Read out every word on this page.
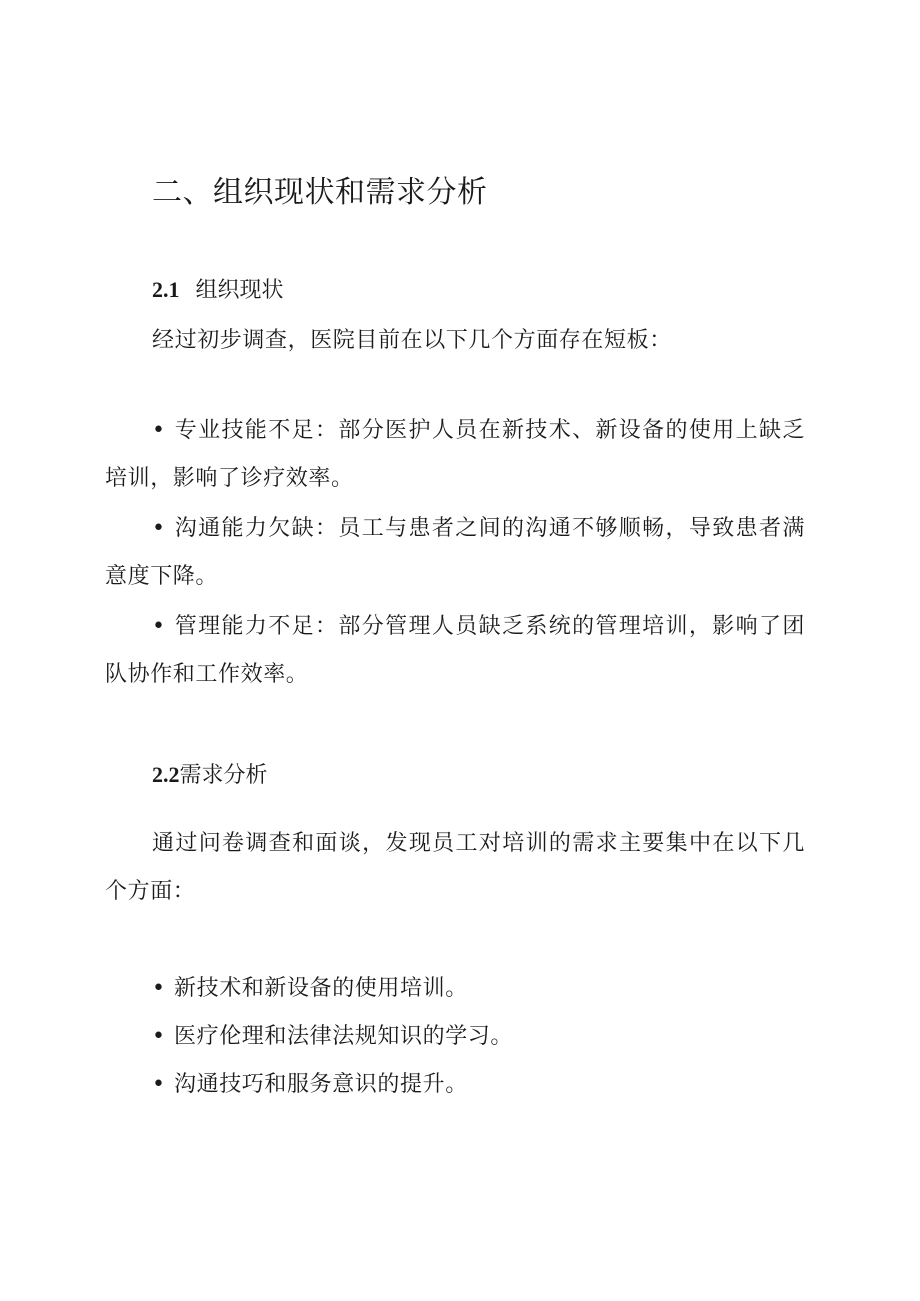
二、组织现状和需求分析
2.1 组织现状

经过初步调查，医院目前在以下几个方面存在短板：

• 专业技能不足：部分医护人员在新技术、新设备的使用上缺乏培训，影响了诊疗效率。

• 沟通能力欠缺：员工与患者之间的沟通不够顺畅，导致患者满意度下降。

• 管理能力不足：部分管理人员缺乏系统的管理培训，影响了团队协作和工作效率。

2.2需求分析

通过问卷调查和面谈，发现员工对培训的需求主要集中在以下几个方面：

• 新技术和新设备的使用培训。

• 医疗伦理和法律法规知识的学习。

• 沟通技巧和服务意识的提升。
